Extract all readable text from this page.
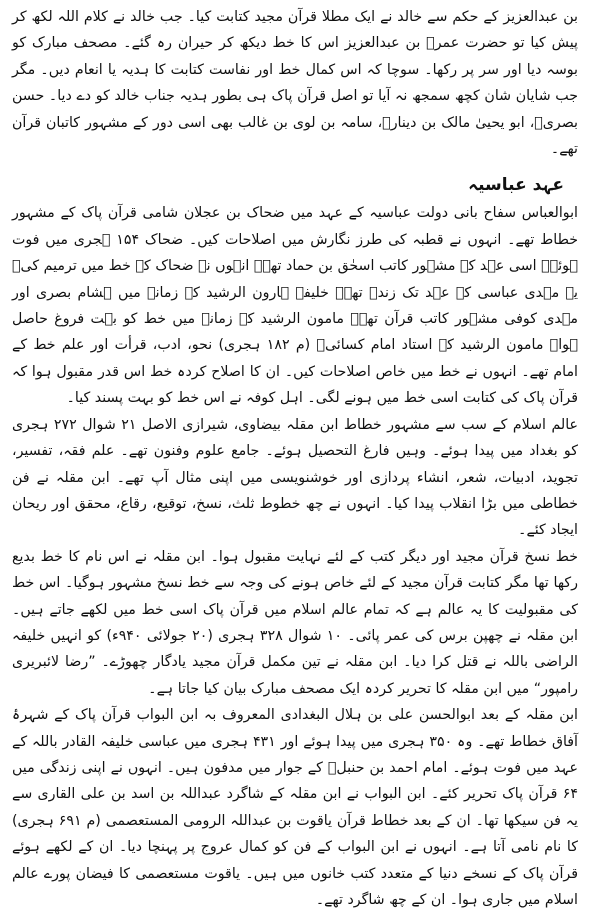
بن عبدالعزیز کے حکم سے خالد نے ایک مطلا قرآن مجید کتابت کیا۔ جب خالد نے کلام اللہ لکھ کر پیش کیا تو حضرت عمرؒ بن عبدالعزیز اس کا خط دیکھ کر حیران رہ گئے۔ مصحف مبارک کو بوسہ دیا اور سر پر رکھا۔ سوچا کہ اس کمال خط اور نفاست کتابت کا ہدیہ یا انعام دیں۔ مگر جب شایان شان کچھ سمجھ نہ آیا تو اصل قرآن پاک ہی بطور ہدیہ جناب خالد کو دے دیا۔ حسن بصریؒ، ابو یحییٰ مالک بن دینارؒ، سامہ بن لوی بن غالب بھی اسی دور کے مشہور کاتبان قرآن تھے۔

عہد عباسیہ

ابوالعباس سفاح بانی دولت عباسیہ کے عہد میں ضحاک بن عجلان شامی قرآن پاک کے مشہور خطاط تھے۔ انہوں نے قطبہ کی طرز نگارش میں اصلاحات کیں۔ ضحاک ۱۵۴ ہجری میں فوت ہوئے۔ اسی عہد کے مشہور کاتب اسحٰق بن حماد تھے۔ انہوں نے ضحاک کے خط میں ترمیم کی۔ یہ مہدی عباسی کے عہد تک زندہ تھے۔ خلیفہ ہارون الرشید کے زمانے میں ہشام بصری اور مہدی کوفی مشہور کاتب قرآن تھے۔ مامون الرشید کے زمانے میں خط کو بہت فروغ حاصل ہوا۔ مامون الرشید کے استاد امام کسائیؒ (م ۱۸۲ ہجری) نحو، ادب، قرأت اور علم خط کے امام تھے۔ انہوں نے خط میں خاص اصلاحات کیں۔ ان کا اصلاح کردہ خط اس قدر مقبول ہوا کہ قرآن پاک کی کتابت اسی خط میں ہونے لگی۔ اہل کوفہ نے اس خط کو بہت پسند کیا۔

عالم اسلام کے سب سے مشہور خطاط ابن مقلہ بیضاوی، شیرازی الاصل ۲۱ شوال ۲۷۲ ہجری کو بغداد میں پیدا ہوئے۔ وہیں فارغ التحصیل ہوئے۔ جامع علوم وفنون تھے۔ علم فقہ، تفسیر، تجوید، ادبیات، شعر، انشاء پردازی اور خوشنویسی میں اپنی مثال آپ تھے۔ ابن مقلہ نے فن خطاطی میں بڑا انقلاب پیدا کیا۔ انہوں نے چھ خطوط ثلث، نسخ، توقیع، رقاع، محقق اور ریحان ایجاد کئے۔

خط نسخ قرآن مجید اور دیگر کتب کے لئے نہایت مقبول ہوا۔ ابن مقلہ نے اس نام کا خط بدیع رکھا تھا مگر کتابت قرآن مجید کے لئے خاص ہونے کی وجہ سے خط نسخ مشہور ہوگیا۔ اس خط کی مقبولیت کا یہ عالم ہے کہ تمام عالم اسلام میں قرآن پاک اسی خط میں لکھے جاتے ہیں۔ ابن مقلہ نے چھپن برس کی عمر پائی۔ ۱۰ شوال ۳۲۸ ہجری (۲۰ جولائی ۹۴۰ء) کو انہیں خلیفہ الراضی باللہ نے قتل کرا دیا۔ ابن مقلہ نے تین مکمل قرآن مجید یادگار چھوڑے۔ ”رضا لائبریری رامپور“ میں ابن مقلہ کا تحریر کردہ ایک مصحف مبارک بیان کیا جاتا ہے۔

ابن مقلہ کے بعد ابوالحسن علی بن ہلال البغدادی المعروف بہ ابن البواب قرآن پاک کے شہرۂ آفاق خطاط تھے۔ وہ ۳۵۰ ہجری میں پیدا ہوئے اور ۴۳۱ ہجری میں عباسی خلیفہ القادر باللہ کے عہد میں فوت ہوئے۔ امام احمد بن حنبلؒ کے جوار میں مدفون ہیں۔ انہوں نے اپنی زندگی میں ۶۴ قرآن پاک تحریر کئے۔ ابن البواب نے ابن مقلہ کے شاگرد عبداللہ بن اسد بن علی القاری سے یہ فن سیکھا تھا۔ ان کے بعد خطاط قرآن یاقوت بن عبداللہ الرومی المستعصمی (م ۶۹۱ ہجری) کا نام نامی آتا ہے۔ انہوں نے ابن البواب کے فن کو کمال عروج پر پہنچا دیا۔ ان کے لکھے ہوئے قرآن پاک کے نسخے دنیا کے متعدد کتب خانوں میں ہیں۔ یاقوت مستعصمی کا فیضان پورے عالم اسلام میں جاری ہوا۔ ان کے چھ شاگرد تھے۔
